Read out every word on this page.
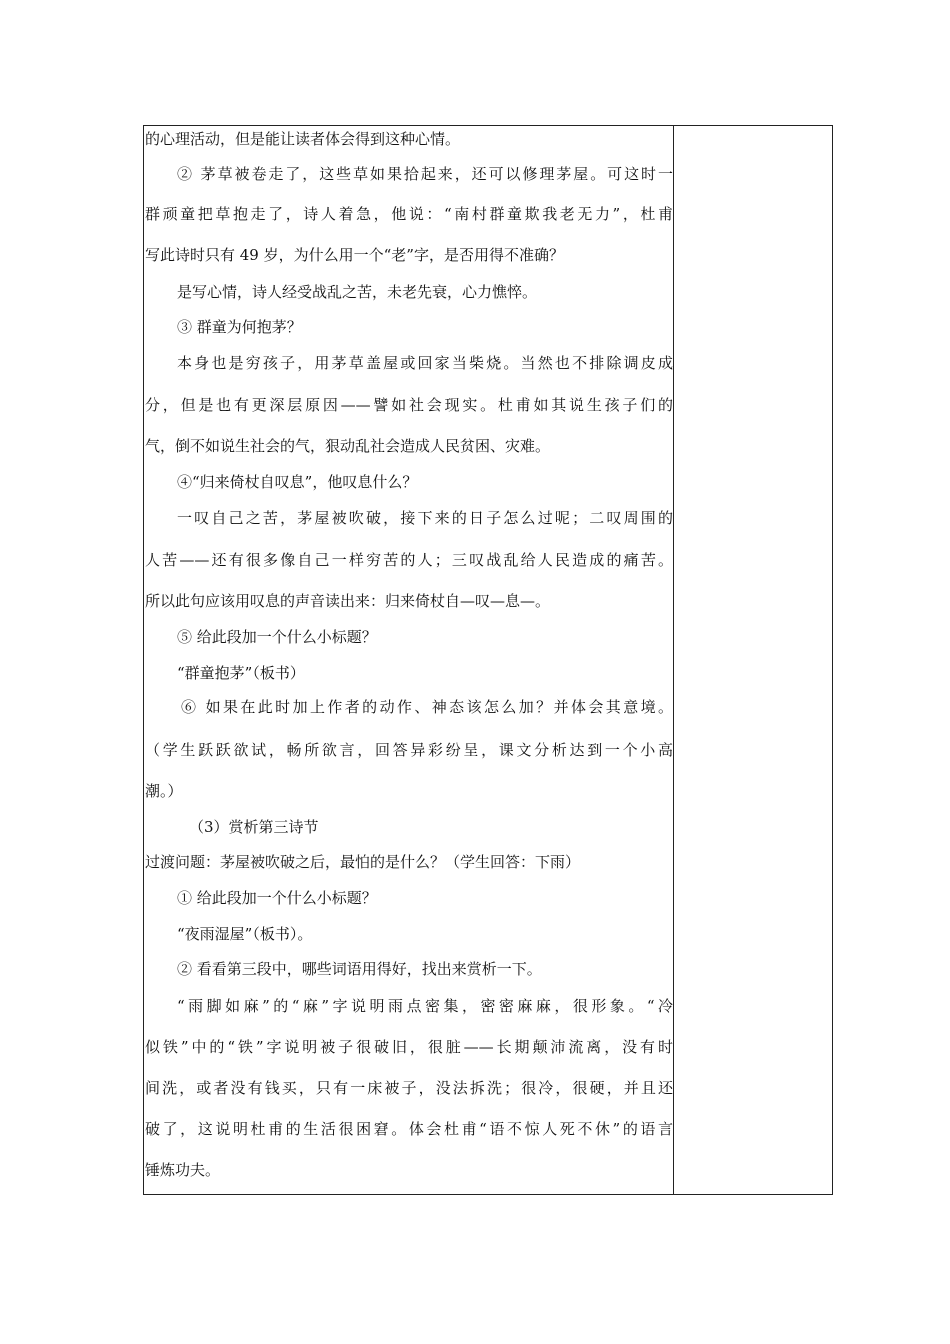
的心理活动，但是能让读者体会得到这种心情。
② 茅草被卷走了，这些草如果拾起来，还可以修理茅屋。可这时一
群顽童把草抱走了，诗人着急，他说：“南村群童欺我老无力”，杜甫
写此诗时只有 49 岁，为什么用一个“老”字，是否用得不准确？
是写心情，诗人经受战乱之苦，未老先衰，心力憔悴。
③ 群童为何抱茅？
本身也是穷孩子，用茅草盖屋或回家当柴烧。当然也不排除调皮成
分，但是也有更深层原因——譬如社会现实。杜甫如其说生孩子们的
气，倒不如说生社会的气，狠动乱社会造成人民贫困、灾难。
④“归来倚杖自叹息”，他叹息什么？
一叹自己之苦，茅屋被吹破，接下来的日子怎么过呢；二叹周围的
人苦——还有很多像自己一样穷苦的人；三叹战乱给人民造成的痛苦。
所以此句应该用叹息的声音读出来：归来倚杖自—叹—息—。
⑤ 给此段加一个什么小标题？
“群童抱茅”（板书）
⑥ 如果在此时加上作者的动作、神态该怎么加？并体会其意境。
（学生跃跃欲试，畅所欲言，回答异彩纷呈，课文分析达到一个小高
潮。）
（3）赏析第三诗节
过渡问题：茅屋被吹破之后，最怕的是什么？（学生回答：下雨）
① 给此段加一个什么小标题？
“夜雨湿屋”（板书）。
② 看看第三段中，哪些词语用得好，找出来赏析一下。
“雨脚如麻”的“麻”字说明雨点密集，密密麻麻，很形象。“冷
似铁”中的“铁”字说明被子很破旧，很脏——长期颠沛流离，没有时
间洗，或者没有钱买，只有一床被子，没法拆洗；很冷，很硬，并且还
破了，这说明杜甫的生活很困窘。体会杜甫“语不惊人死不休”的语言
锤炼功夫。
